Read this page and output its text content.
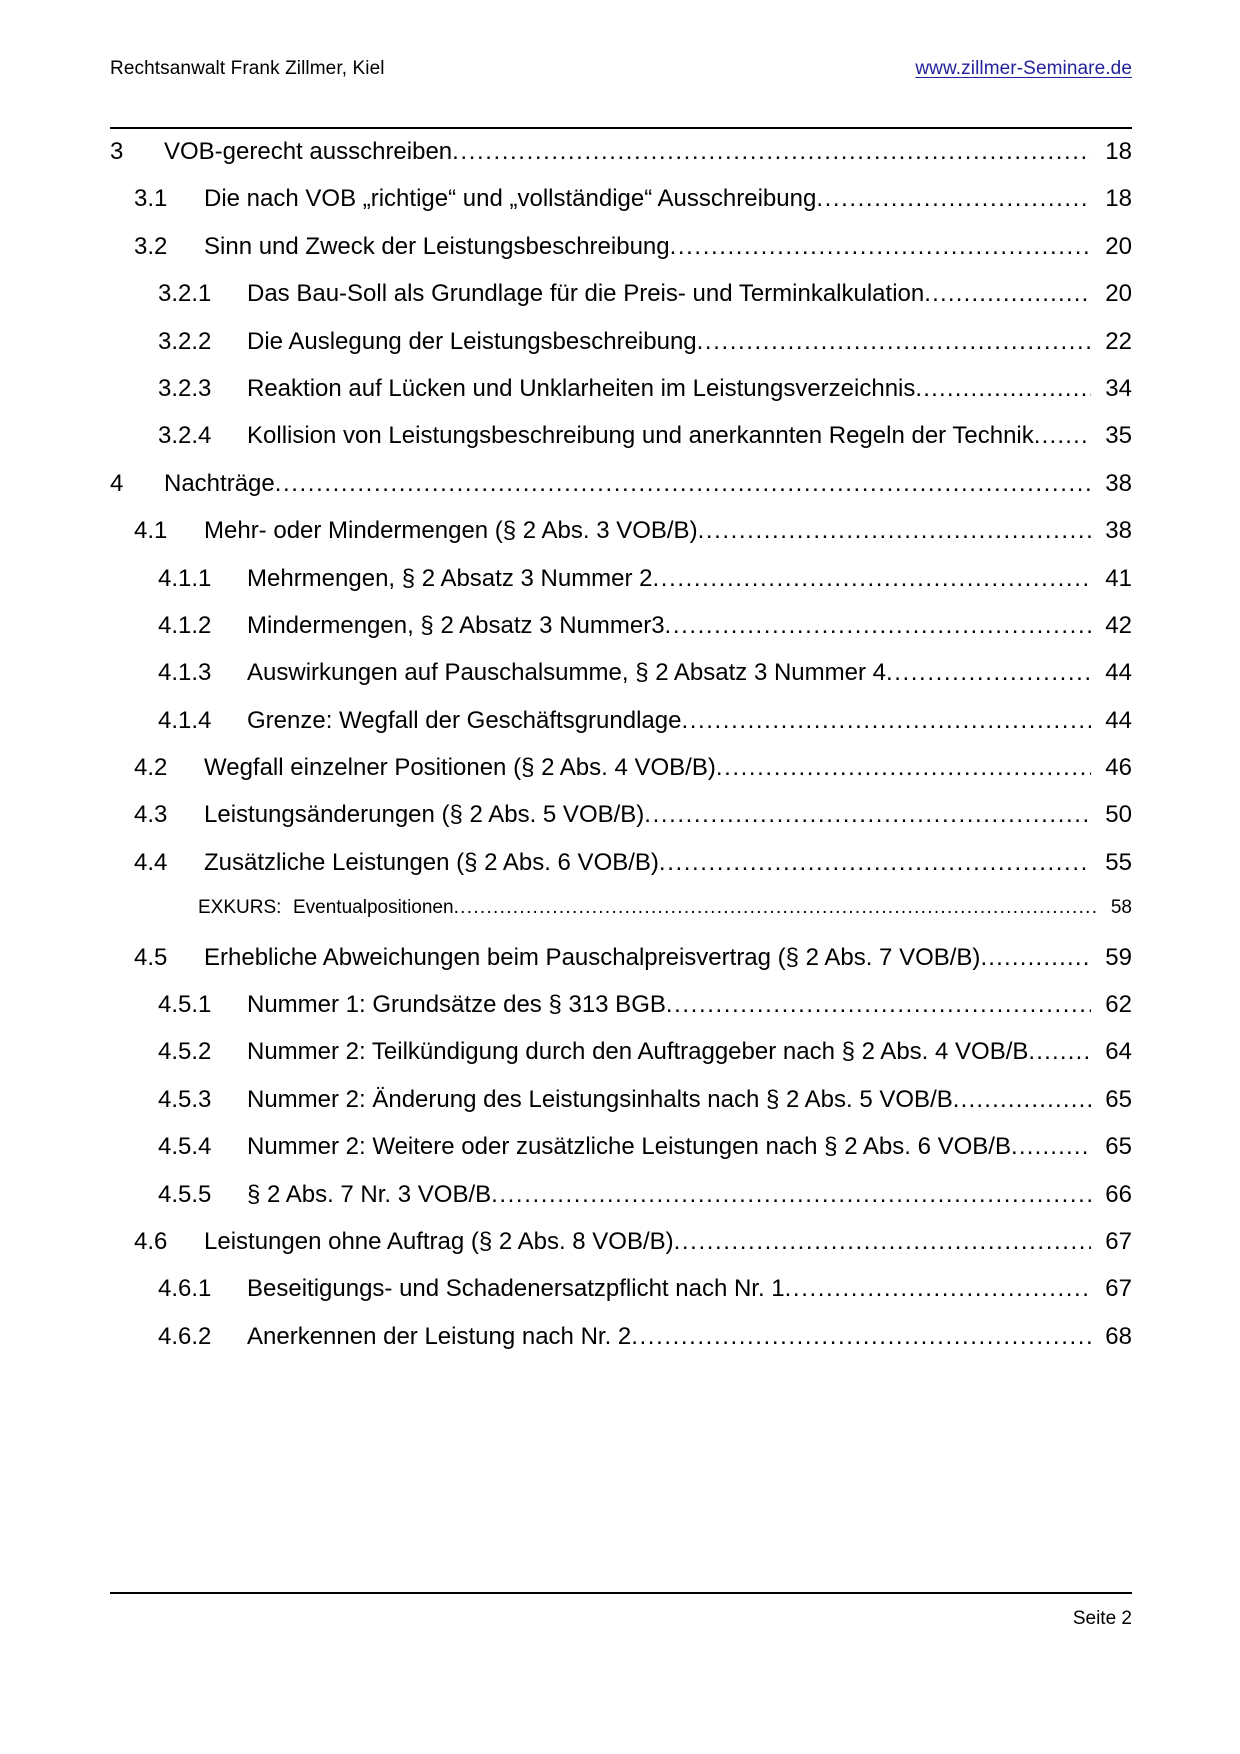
Rechtsanwalt Frank Zillmer, Kiel	www.zillmer-Seminare.de
3	VOB-gerecht ausschreiben .....	18
3.1	Die nach VOB „richtige“ und „vollständige“ Ausschreibung .....	18
3.2	Sinn und Zweck der Leistungsbeschreibung .....	20
3.2.1	Das Bau-Soll als Grundlage für die Preis- und Terminkalkulation .....	20
3.2.2	Die Auslegung der Leistungsbeschreibung .....	22
3.2.3	Reaktion auf Lücken und Unklarheiten im Leistungsverzeichnis .....	34
3.2.4	Kollision von Leistungsbeschreibung und anerkannten Regeln der Technik .....	35
4	Nachträge .....	38
4.1	Mehr- oder Mindermengen (§ 2 Abs. 3 VOB/B) .....	38
4.1.1	Mehrmengen, § 2 Absatz 3 Nummer 2 .....	41
4.1.2	Mindermengen, § 2 Absatz 3 Nummer3 .....	42
4.1.3	Auswirkungen auf Pauschalsumme, § 2 Absatz 3 Nummer 4 .....	44
4.1.4	Grenze: Wegfall der Geschäftsgrundlage .....	44
4.2	Wegfall einzelner Positionen (§ 2 Abs. 4 VOB/B) .....	46
4.3	Leistungsänderungen (§ 2 Abs. 5 VOB/B) .....	50
4.4	Zusätzliche Leistungen (§ 2 Abs. 6 VOB/B) .....	55
EXKURS: Eventualpositionen .....	58
4.5	Erhebliche Abweichungen beim Pauschalpreisvertrag (§ 2 Abs. 7 VOB/B) .....	59
4.5.1	Nummer 1: Grundsätze des § 313 BGB .....	62
4.5.2	Nummer 2: Teilkündigung durch den Auftraggeber nach § 2 Abs. 4 VOB/B .....	64
4.5.3	Nummer 2: Änderung des Leistungsinhalts nach § 2 Abs. 5 VOB/B .....	65
4.5.4	Nummer 2: Weitere oder zusätzliche Leistungen nach § 2 Abs. 6 VOB/B .....	65
4.5.5	§ 2 Abs. 7 Nr. 3 VOB/B .....	66
4.6	Leistungen ohne Auftrag (§ 2 Abs. 8 VOB/B) .....	67
4.6.1	Beseitigungs- und Schadenersatzpflicht nach Nr. 1 .....	67
4.6.2	Anerkennen der Leistung nach Nr. 2 .....	68
Seite 2
